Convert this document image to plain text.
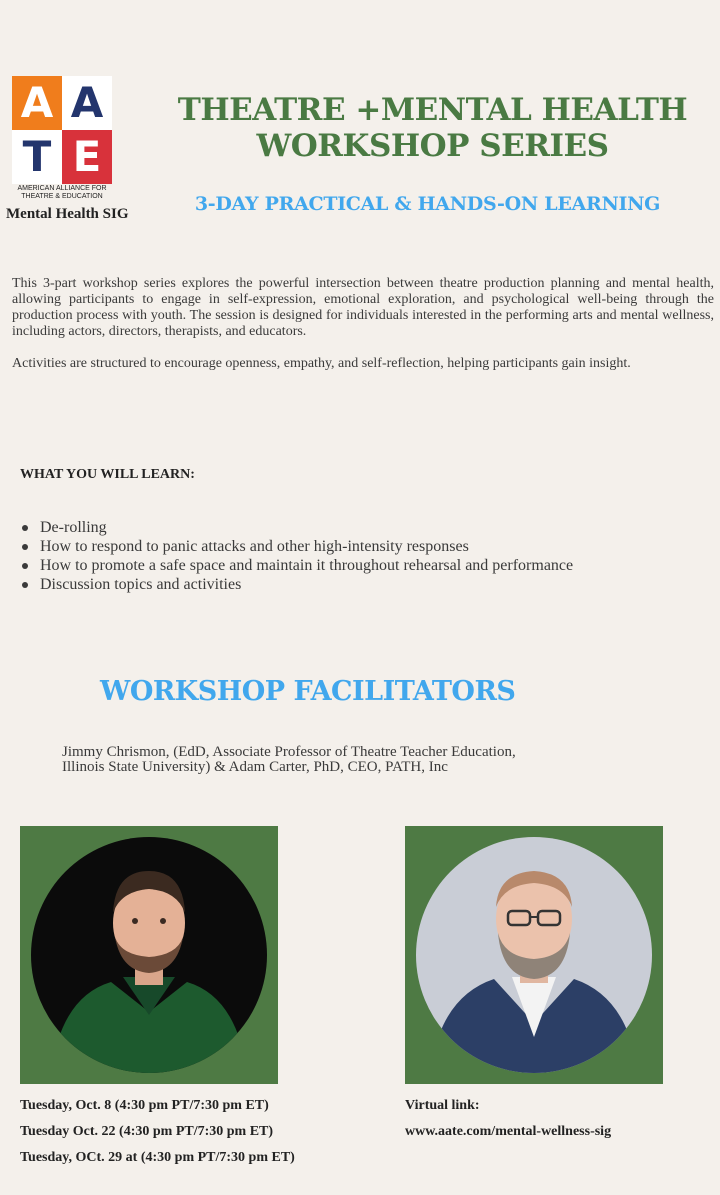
A A
T E
AMERICAN ALLIANCE FOR
THEATRE & EDUCATION
Mental Health SIG
THEATRE +MENTAL HEALTH
WORKSHOP SERIES
3-DAY PRACTICAL & HANDS-ON LEARNING

This 3-part workshop series explores the powerful intersection between theatre production planning and mental health, allowing participants to engage in self-expression, emotional exploration, and psychological well-being through the production process with youth. The session is designed for individuals interested in the performing arts and mental wellness, including actors, directors, therapists, and educators.

Activities are structured to encourage openness, empathy, and self-reflection, helping participants gain insight.

WHAT YOU WILL LEARN:
De-rolling
How to respond to panic attacks and other high-intensity responses
How to promote a safe space and maintain it throughout rehearsal and performance
Discussion topics and activities
WORKSHOP FACILITATORS
Jimmy Chrismon, (EdD, Associate Professor of Theatre Teacher Education,
Illinois State University) & Adam Carter, PhD, CEO, PATH, Inc
Tuesday, Oct. 8 (4:30 pm PT/7:30 pm ET)
Tuesday Oct. 22 (4:30 pm PT/7:30 pm ET)
Tuesday, OCt. 29 at (4:30 pm PT/7:30 pm ET)
Virtual link:
www.aate.com/mental-wellness-sig
